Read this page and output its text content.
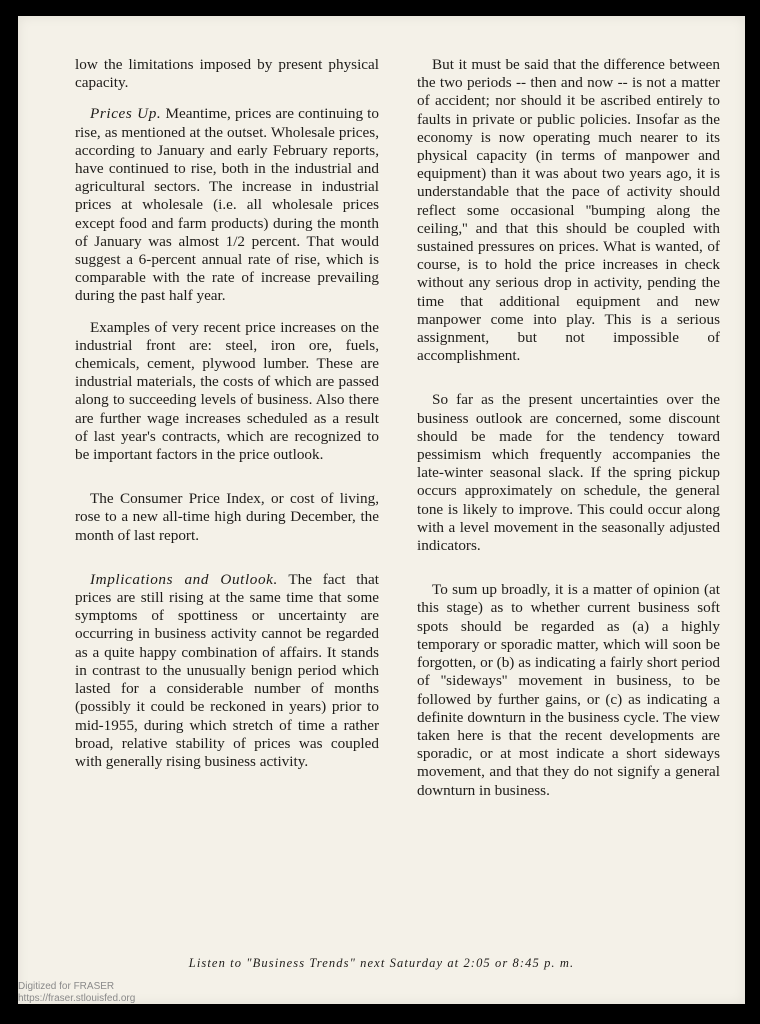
low the limitations imposed by present physical capacity.

Prices Up. Meantime, prices are continuing to rise, as mentioned at the outset. Wholesale prices, according to January and early February reports, have continued to rise, both in the industrial and agricultural sectors. The increase in industrial prices at wholesale (i.e. all wholesale prices except food and farm products) during the month of January was almost 1/2 percent. That would suggest a 6-percent annual rate of rise, which is comparable with the rate of increase prevailing during the past half year.

Examples of very recent price increases on the industrial front are: steel, iron ore, fuels, chemicals, cement, plywood lumber. These are industrial materials, the costs of which are passed along to succeeding levels of business. Also there are further wage increases scheduled as a result of last year's contracts, which are recognized to be important factors in the price outlook.

The Consumer Price Index, or cost of living, rose to a new all-time high during December, the month of last report.

Implications and Outlook. The fact that prices are still rising at the same time that some symptoms of spottiness or uncertainty are occurring in business activity cannot be regarded as a quite happy combination of affairs. It stands in contrast to the unusually benign period which lasted for a considerable number of months (possibly it could be reckoned in years) prior to mid-1955, during which stretch of time a rather broad, relative stability of prices was coupled with generally rising business activity.

But it must be said that the difference between the two periods -- then and now -- is not a matter of accident; nor should it be ascribed entirely to faults in private or public policies. Insofar as the economy is now operating much nearer to its physical capacity (in terms of manpower and equipment) than it was about two years ago, it is understandable that the pace of activity should reflect some occasional ''bumping along the ceiling,'' and that this should be coupled with sustained pressures on prices. What is wanted, of course, is to hold the price increases in check without any serious drop in activity, pending the time that additional equipment and new manpower come into play. This is a serious assignment, but not impossible of accomplishment.

So far as the present uncertainties over the business outlook are concerned, some discount should be made for the tendency toward pessimism which frequently accompanies the late-winter seasonal slack. If the spring pickup occurs approximately on schedule, the general tone is likely to improve. This could occur along with a level movement in the seasonally adjusted indicators.

To sum up broadly, it is a matter of opinion (at this stage) as to whether current business soft spots should be regarded as (a) a highly temporary or sporadic matter, which will soon be forgotten, or (b) as indicating a fairly short period of ''sideways'' movement in business, to be followed by further gains, or (c) as indicating a definite downturn in the business cycle. The view taken here is that the recent developments are sporadic, or at most indicate a short sideways movement, and that they do not signify a general downturn in business.

Listen to "Business Trends" next Saturday at 2:05 or 8:45 p. m.
Digitized for FRASER
https://fraser.stlouisfed.org
